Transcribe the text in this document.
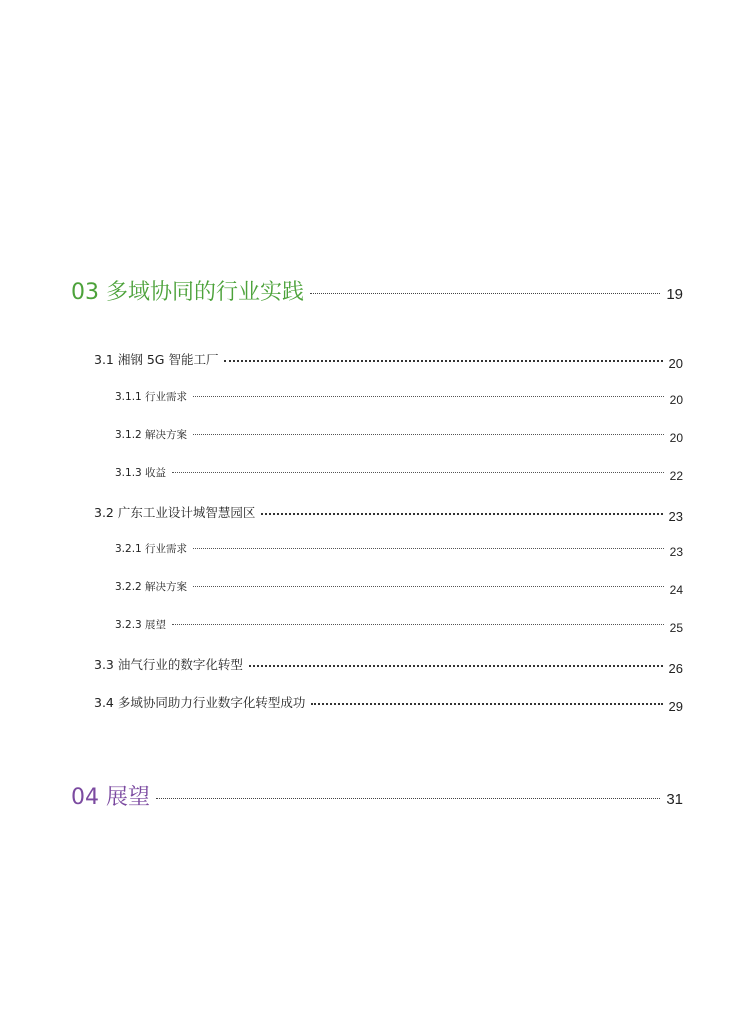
03 多域协同的行业实践	19
3.1 湘钢 5G 智能工厂	20
3.1.1 行业需求	20
3.1.2 解决方案	20
3.1.3 收益	22
3.2 广东工业设计城智慧园区	23
3.2.1 行业需求	23
3.2.2 解决方案	24
3.2.3 展望	25
3.3 油气行业的数字化转型	26
3.4 多域协同助力行业数字化转型成功	29
04 展望	31
